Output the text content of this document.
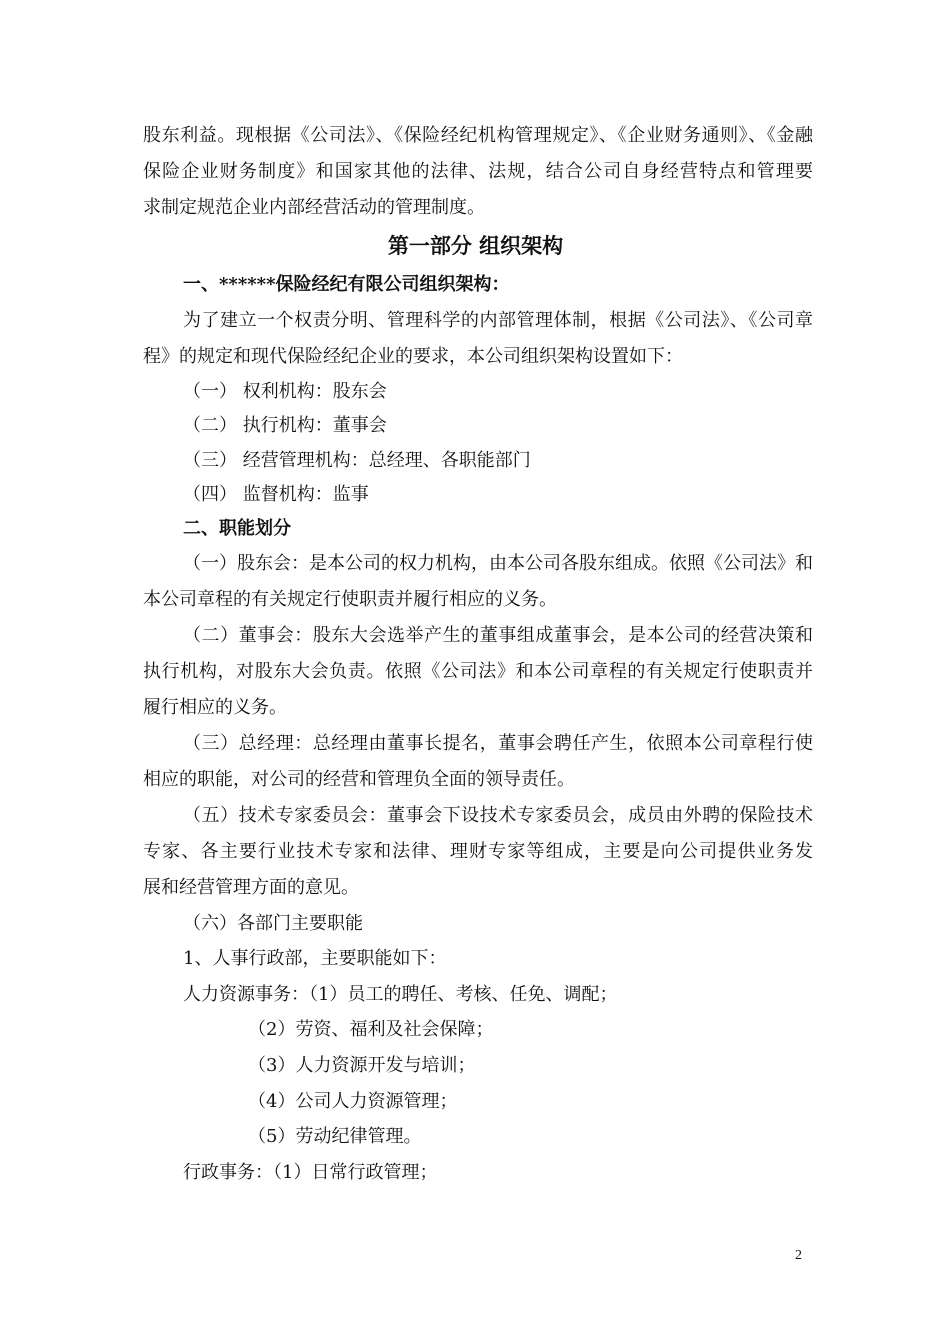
股东利益。现根据《公司法》、《保险经纪机构管理规定》、《企业财务通则》、《金融
保险企业财务制度》和国家其他的法律、法规，结合公司自身经营特点和管理要
求制定规范企业内部经营活动的管理制度。
第一部分 组织架构
一、******保险经纪有限公司组织架构：
为了建立一个权责分明、管理科学的内部管理体制，根据《公司法》、《公司章
程》的规定和现代保险经纪企业的要求，本公司组织架构设置如下：
（一） 权利机构：股东会
（二） 执行机构：董事会
（三） 经营管理机构：总经理、各职能部门
（四） 监督机构：监事
二、职能划分
（一）股东会：是本公司的权力机构，由本公司各股东组成。依照《公司法》和
本公司章程的有关规定行使职责并履行相应的义务。
（二）董事会：股东大会选举产生的董事组成董事会，是本公司的经营决策和
执行机构，对股东大会负责。依照《公司法》和本公司章程的有关规定行使职责并
履行相应的义务。
（三）总经理：总经理由董事长提名，董事会聘任产生，依照本公司章程行使
相应的职能，对公司的经营和管理负全面的领导责任。
（五）技术专家委员会：董事会下设技术专家委员会，成员由外聘的保险技术
专家、各主要行业技术专家和法律、理财专家等组成，主要是向公司提供业务发
展和经营管理方面的意见。
（六）各部门主要职能
1、人事行政部，主要职能如下：
人力资源事务：（1）员工的聘任、考核、任免、调配；
（2）劳资、福利及社会保障；
（3）人力资源开发与培训；
（4）公司人力资源管理；
（5）劳动纪律管理。
行政事务：（1）日常行政管理；
2
